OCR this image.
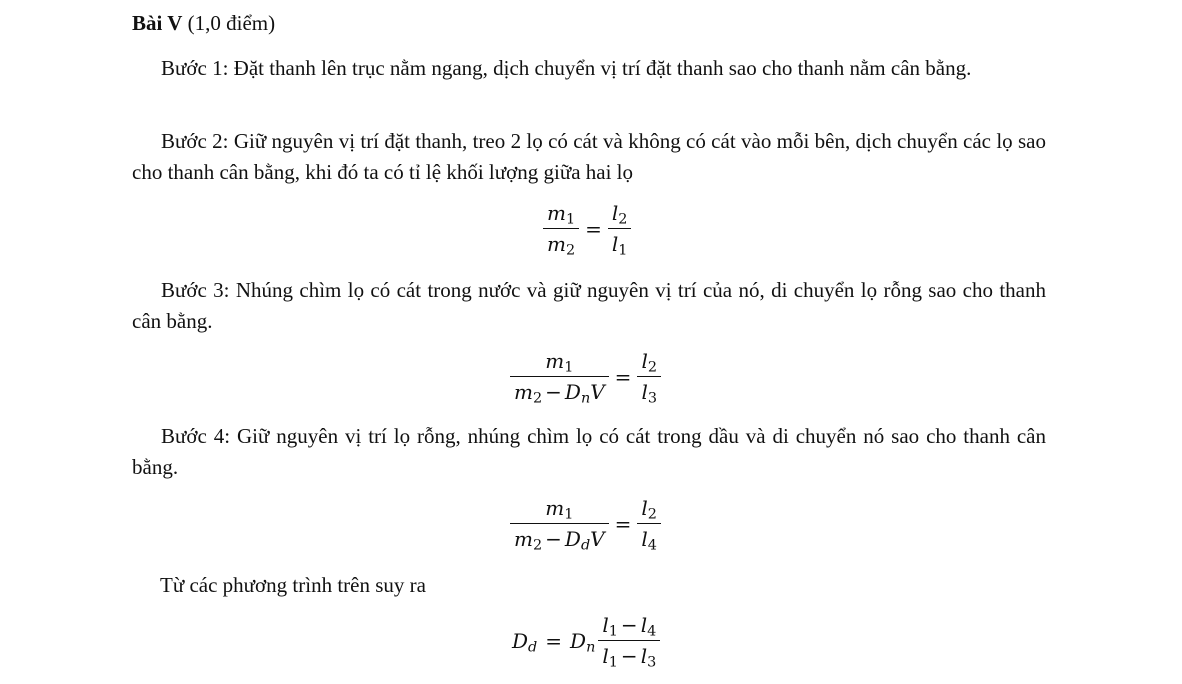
Bài V (1,0 điểm)
Bước 1: Đặt thanh lên trục nằm ngang, dịch chuyển vị trí đặt thanh sao cho thanh nằm cân bằng.
Bước 2: Giữ nguyên vị trí đặt thanh, treo 2 lọ có cát và không có cát vào mỗi bên, dịch chuyển các lọ sao cho thanh cân bằng, khi đó ta có tỉ lệ khối lượng giữa hai lọ
$\frac{m_1}{m_2} = \frac{l_2}{l_1}$
Bước 3: Nhúng chìm lọ có cát trong nước và giữ nguyên vị trí của nó, di chuyển lọ rỗng sao cho thanh cân bằng.
$\frac{m_1}{m_2 - D_nV} = \frac{l_2}{l_3}$
Bước 4: Giữ nguyên vị trí lọ rỗng, nhúng chìm lọ có cát trong dầu và di chuyển nó sao cho thanh cân bằng.
$\frac{m_1}{m_2 - D_dV} = \frac{l_2}{l_4}$
Từ các phương trình trên suy ra
$D_d = D_n \frac{l_1 - l_4}{l_1 - l_3}$
